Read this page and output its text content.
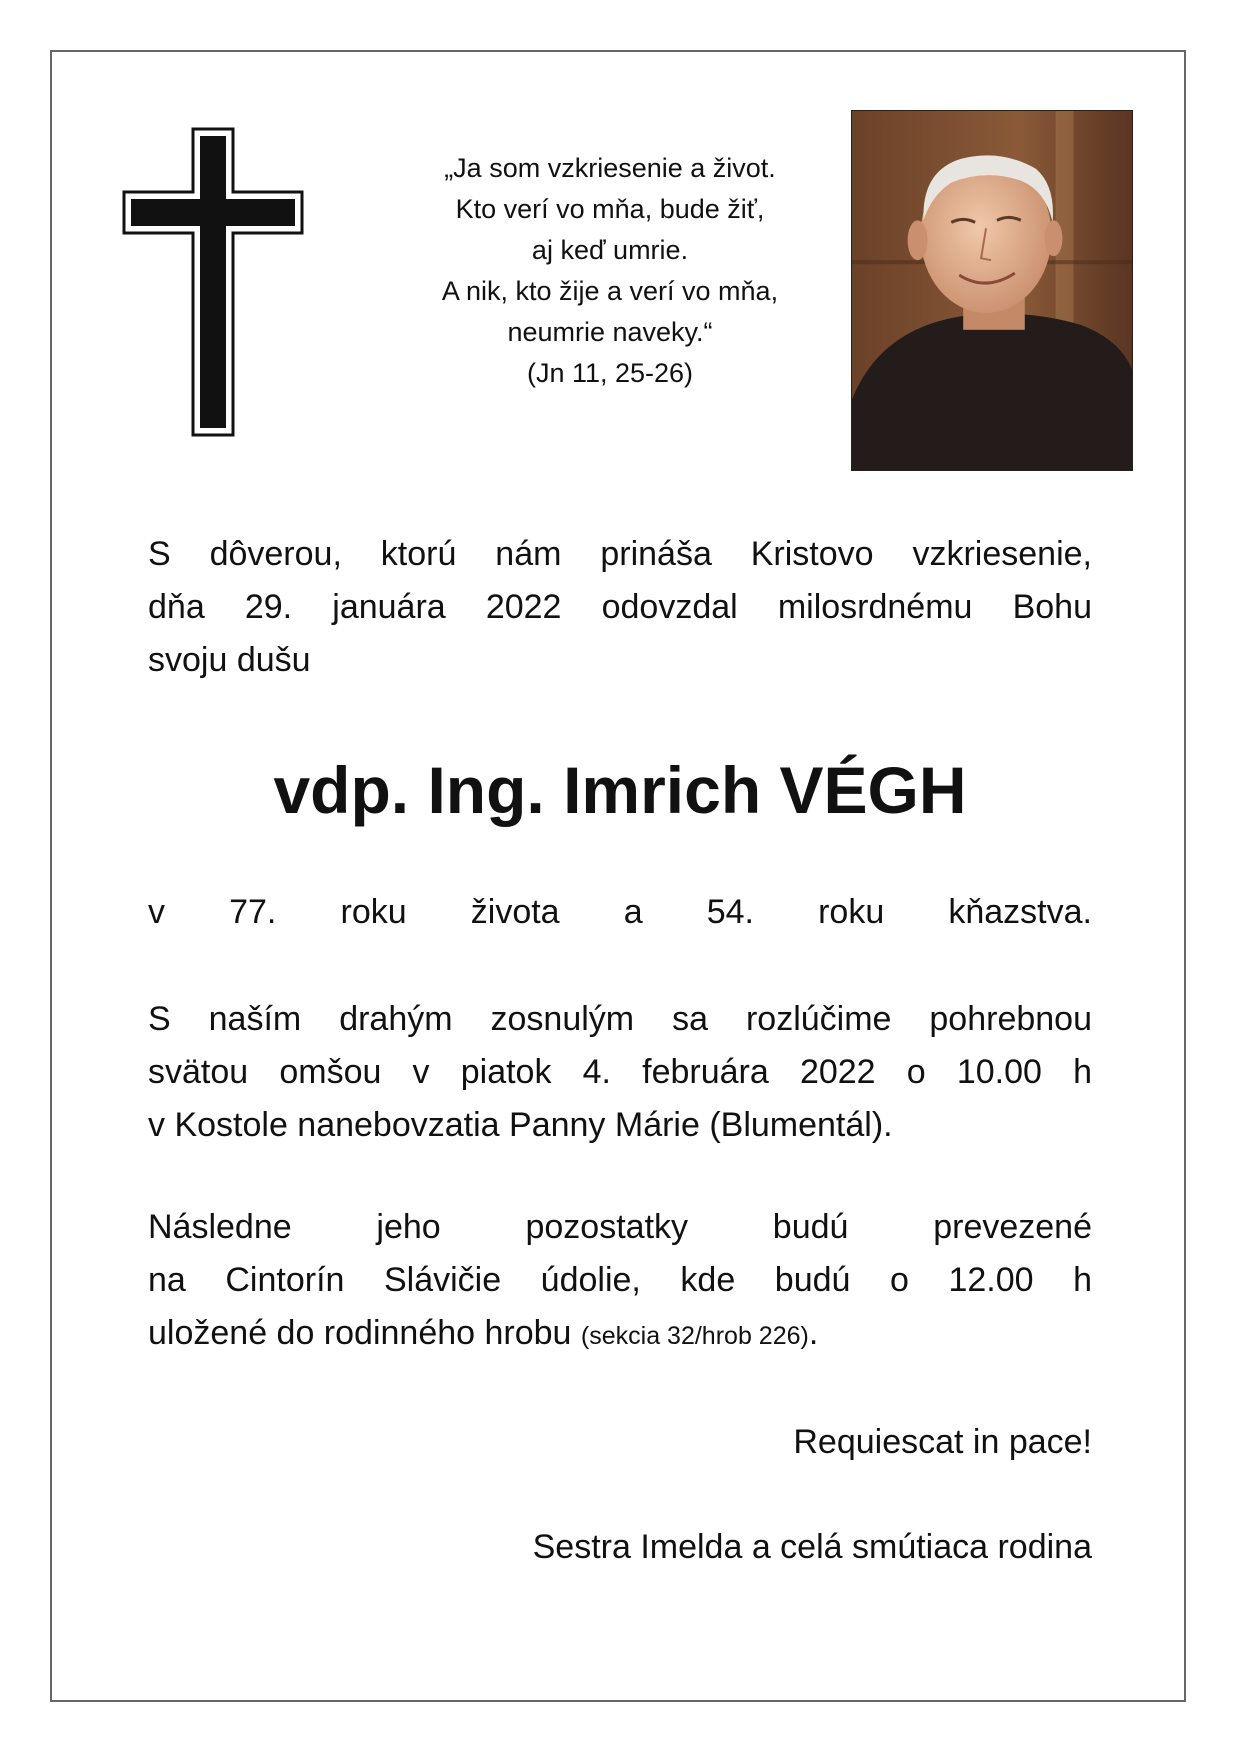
„Ja som vzkriesenie a život.
Kto verí vo mňa, bude žiť,
aj keď umrie.
A nik, kto žije a verí vo mňa,
neumrie naveky.“
(Jn 11, 25-26)
S dôverou, ktorú nám prináša Kristovo vzkriesenie,
dňa 29. januára 2022 odovzdal milosrdnému Bohu
svoju dušu
vdp. Ing. Imrich VÉGH
v 77. roku života a 54. roku kňazstva.
S naším drahým zosnulým sa rozlúčime pohrebnou
svätou omšou v piatok 4. februára 2022 o 10.00 h
v Kostole nanebovzatia Panny Márie (Blumentál).
Následne jeho pozostatky budú prevezené
na Cintorín Slávičie údolie, kde budú o 12.00 h
uložené do rodinného hrobu (sekcia 32/hrob 226).
Requiescat in pace!
Sestra Imelda a celá smútiaca rodina
